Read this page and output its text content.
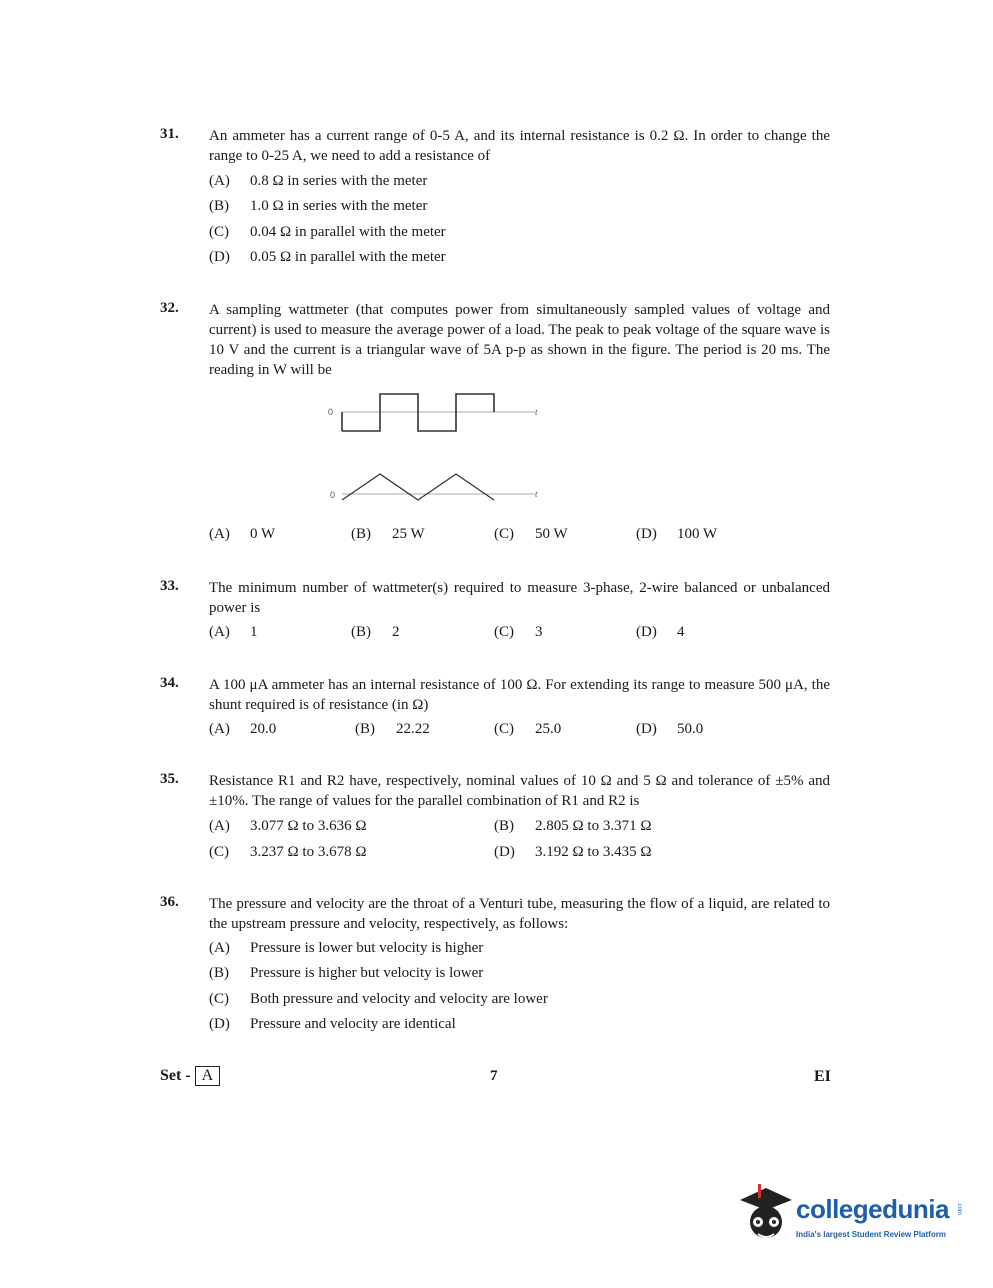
31. An ammeter has a current range of 0-5 A, and its internal resistance is 0.2 Ω. In order to change the range to 0-25 A, we need to add a resistance of
(A) 0.8 Ω in series with the meter
(B) 1.0 Ω in series with the meter
(C) 0.04 Ω in parallel with the meter
(D) 0.05 Ω in parallel with the meter
32. A sampling wattmeter (that computes power from simultaneously sampled values of voltage and current) is used to measure the average power of a load. The peak to peak voltage of the square wave is 10 V and the current is a triangular wave of 5A p-p as shown in the figure. The period is 20 ms. The reading in W will be
(A) 0 W	(B) 25 W	(C) 50 W	(D) 100 W
0	t
0	t
33. The minimum number of wattmeter(s) required to measure 3-phase, 2-wire balanced or unbalanced power is
(A) 1	(B) 2	(C) 3	(D) 4
34. A 100 μA ammeter has an internal resistance of 100 Ω. For extending its range to measure 500 μA, the shunt required is of resistance (in Ω)
(A) 20.0	(B) 22.22	(C) 25.0	(D) 50.0
35. Resistance R1 and R2 have, respectively, nominal values of 10 Ω and 5 Ω and tolerance of ±5% and ±10%. The range of values for the parallel combination of R1 and R2 is
(A) 3.077 Ω to 3.636 Ω	(B) 2.805 Ω to 3.371 Ω
(C) 3.237 Ω to 3.678 Ω	(D) 3.192 Ω to 3.435 Ω
36. The pressure and velocity are the throat of a Venturi tube, measuring the flow of a liquid, are related to the upstream pressure and velocity, respectively, as follows:
(A) Pressure is lower but velocity is higher
(B) Pressure is higher but velocity is lower
(C) Both pressure and velocity and velocity are lower
(D) Pressure and velocity are identical
Set - A	7	EI
collegedunia .com
India's largest Student Review Platform
